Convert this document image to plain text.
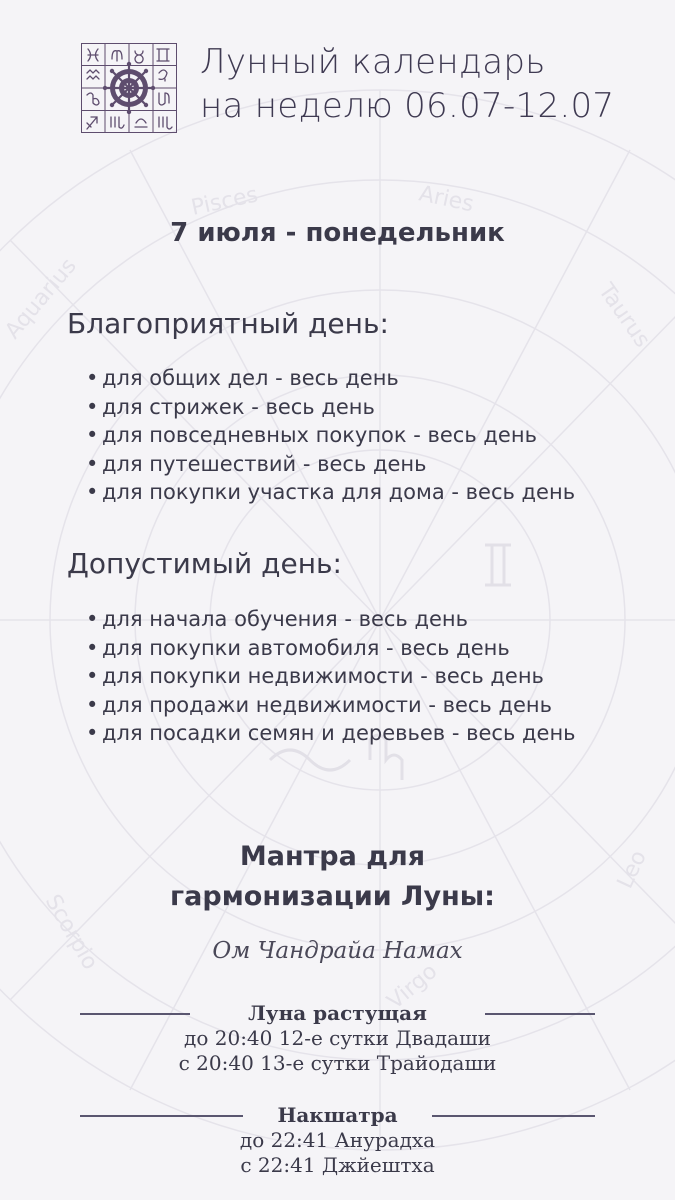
Pisces	Aries
Taurus
Aquarius
Scorpio
Virgo
Leo
Лунный календарь
на неделю 06.07-12.07
7 июля - понедельник
Благоприятный день:
• для общих дел - весь день
• для стрижек - весь день
• для повседневных покупок - весь день
• для путешествий - весь день
• для покупки участка для дома - весь день
Допустимый день:
• для начала обучения - весь день
• для покупки автомобиля - весь день
• для покупки недвижимости - весь день
• для продажи недвижимости - весь день
• для посадки семян и деревьев - весь день
Мантра для
гармонизации Луны:
Ом Чандрайа Намах
Луна растущая
до 20:40 12-е сутки Двадаши
с 20:40 13-е сутки Трайодаши
Накшатра
до 22:41 Анурадха
с 22:41 Джйештха
